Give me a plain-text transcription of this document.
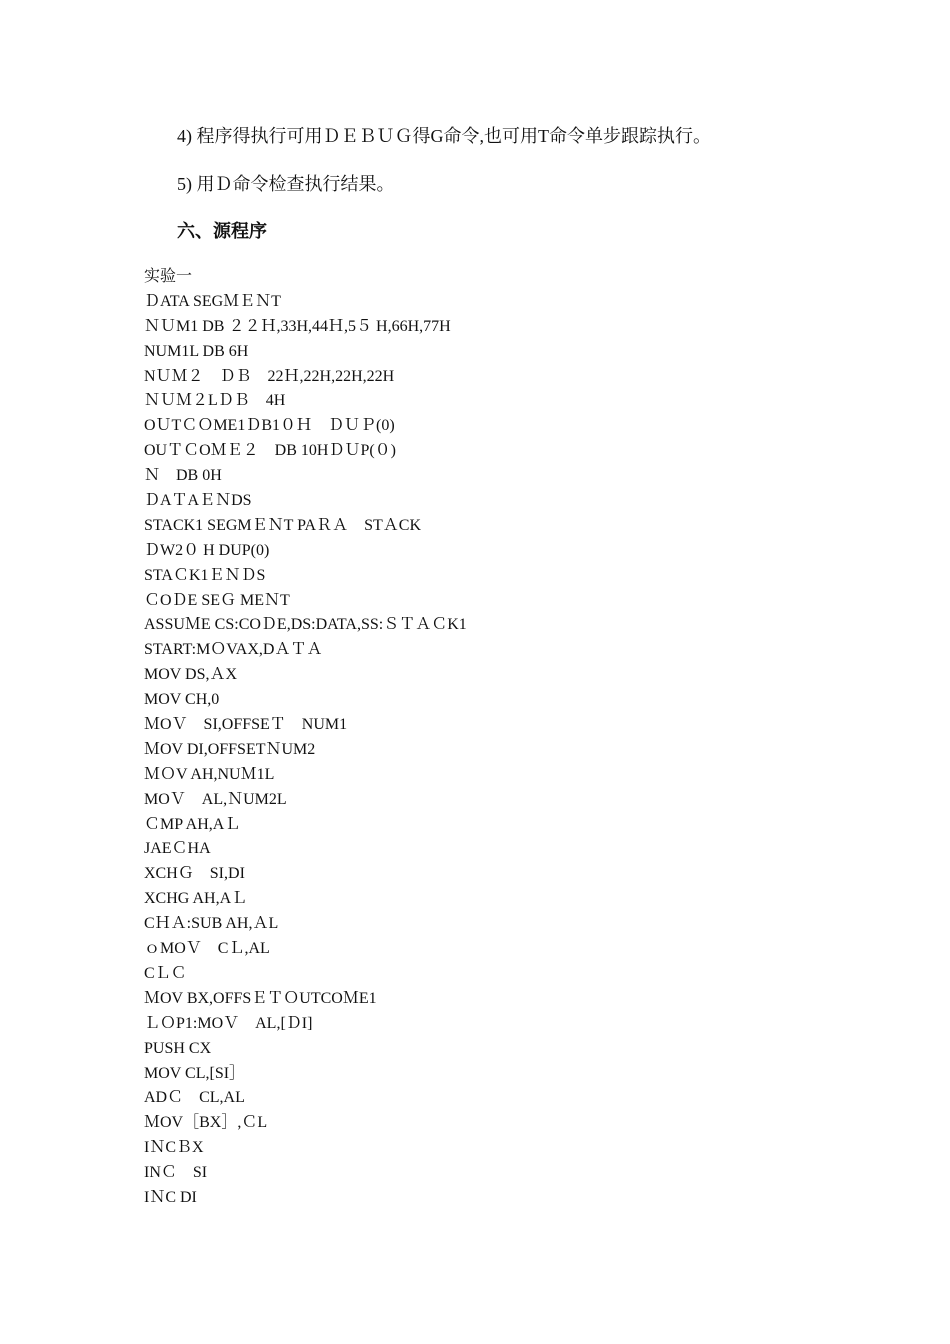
4) 程序得执行可用ＤＥＢＵＧ得G命令,也可用T命令单步跟踪执行。
5) 用Ｄ命令检查执行结果。
六、源程序
实验一
ＤATA SEGＭＥＮT
ＮＵM1 DB ２２Ｈ,33H,44Ｈ,5５ H,66H,77H
NUM1L DB 6H
NＵＭ２　ＤＢ　22Ｈ,22H,22H,22H
ＮＵＭ２LＤＢ　4H
OＵTＣＯME1ＤB1０Ｈ　ＤＵＰ(0)
OUＴＣOＭＥ２　DB 10HＤＵP(０)
Ｎ　DB 0H
ＤAＴAＥＮDS
STACK1 SEGMＥＮT PAＲＡ　STＡCK
ＤW2０ H DUP(0)
STAＣK1ＥＮＤS
ＣOＤE SEＧ MEＮT
ASSUＭE CS:COＤE,DS:DATA,SS:ＳＴＡＣK1
START:MＯVAX,DＡＴＡ
MOV DS,ＡX
MOV CH,0
ＭOＶ　SI,OFFSEＴ　NUM1
ＭOV DI,OFFSETＮUM2
ＭＯV AH,NUＭ1L
MOＶ　AL,ＮUM2L
ＣMP AH,AＬ
JAEＣHA
XCHＧ　SI,DI
XCHG AH,AＬ
CＨＡ:SUB AH,ＡL
ｏMOＶ　CＬ,AL
CＬＣ
ＭOV BX,OFFSＥＴＯUTCOＭE1
ＬＯP1:MOＶ　AL,[ＤI]
PUSH CX
MOV CL,[SI］
ADＣ　CL,AL
ＭOV［BX］,ＣL
IＮCＢX
INＣ　SI
IＮC DI
